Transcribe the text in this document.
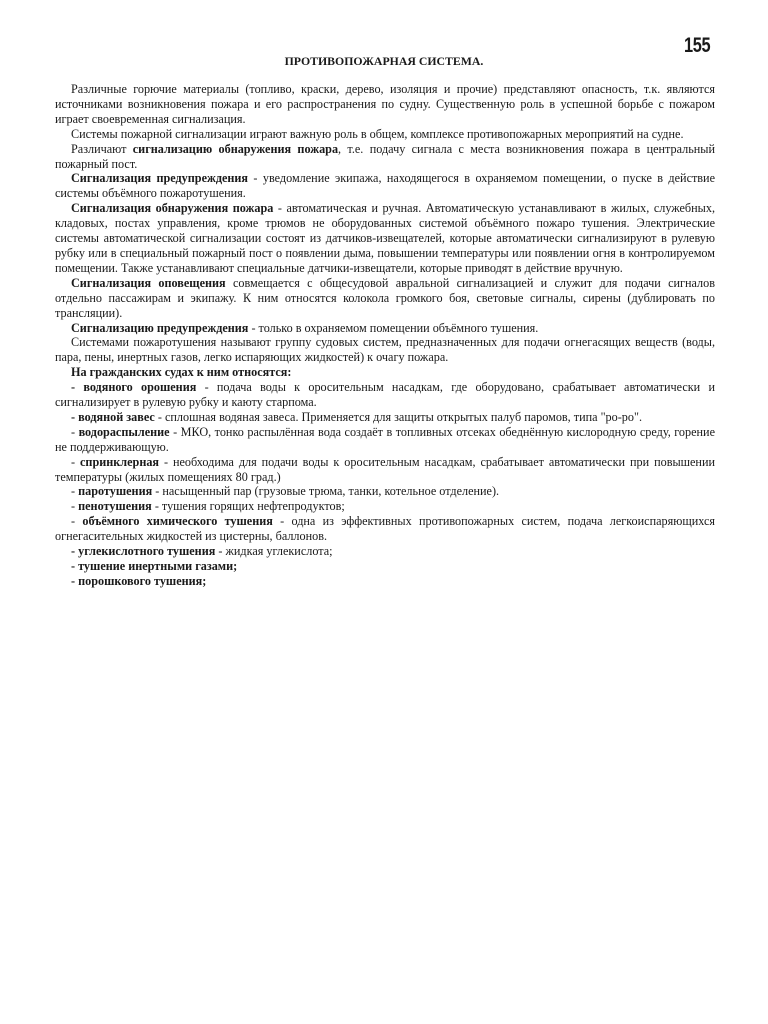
155
ПРОТИВОПОЖАРНАЯ СИСТЕМА.

Различные горючие материалы (топливо, краски, дерево, изоляция и прочие) представляют опасность, т.к. являются источниками возникновения пожара и его распространения по судну. Существенную роль в успешной борьбе с пожаром играет своевременная сигнализация.

Системы пожарной сигнализации играют важную роль в общем, комплексе противопожарных мероприятий на судне.

Различают сигнализацию обнаружения пожара, т.е. подачу сигнала с места возникновения пожара в центральный пожарный пост.

Сигнализация предупреждения - уведомление экипажа, находящегося в охраняемом помещении, о пуске в действие системы объёмного пожаротушения.

Сигнализация обнаружения пожара - автоматическая и ручная. Автоматическую устанавливают в жилых, служебных, кладовых, постах управления, кроме трюмов не оборудованных системой объёмного пожаро тушения. Электрические системы автоматической сигнализации состоят из датчиков-извещателей, которые автоматически сигнализируют в рулевую рубку или в специальный пожарный пост о появлении дыма, повышении температуры или появлении огня в контролируемом помещении. Также устанавливают специальные датчики-извещатели, которые приводят в действие вручную.

Сигнализация оповещения совмещается с общесудовой авральной сигнализацией и служит для подачи сигналов отдельно пассажирам и экипажу. К ним относятся колокола громкого боя, световые сигналы, сирены (дублировать по трансляции).

Сигнализацию предупреждения - только в охраняемом помещении объёмного тушения.

Системами пожаротушения называют группу судовых систем, предназначенных для подачи огнегасящих веществ (воды, пара, пены, инертных газов, легко испаряющих жидкостей) к очагу пожара.

На гражданских судах к ним относятся:

- водяного орошения - подача воды к оросительным насадкам, где оборудовано, срабатывает автоматически и сигнализирует в рулевую рубку и каюту старпома.

- водяной завес - сплошная водяная завеса. Применяется для защиты открытых палуб паромов, типа "ро-ро".

- водораспыление - МКО, тонко распылённая вода создаёт в топливных отсеках обеднённую кислородную среду, горение не поддерживающую.

- спринклерная - необходима для подачи воды к оросительным насадкам, срабатывает автоматически при повышении температуры (жилых помещениях 80 град.)

- паротушения - насыщенный пар (грузовые трюма, танки, котельное отделение).

- пенотушения - тушения горящих нефтепродуктов;

- объёмного химического тушения - одна из эффективных противопожарных систем, подача легкоиспаряющихся огнегасительных жидкостей из цистерны, баллонов.

- углекислотного тушения - жидкая углекислота;

- тушение инертными газами;

- порошкового тушения;
